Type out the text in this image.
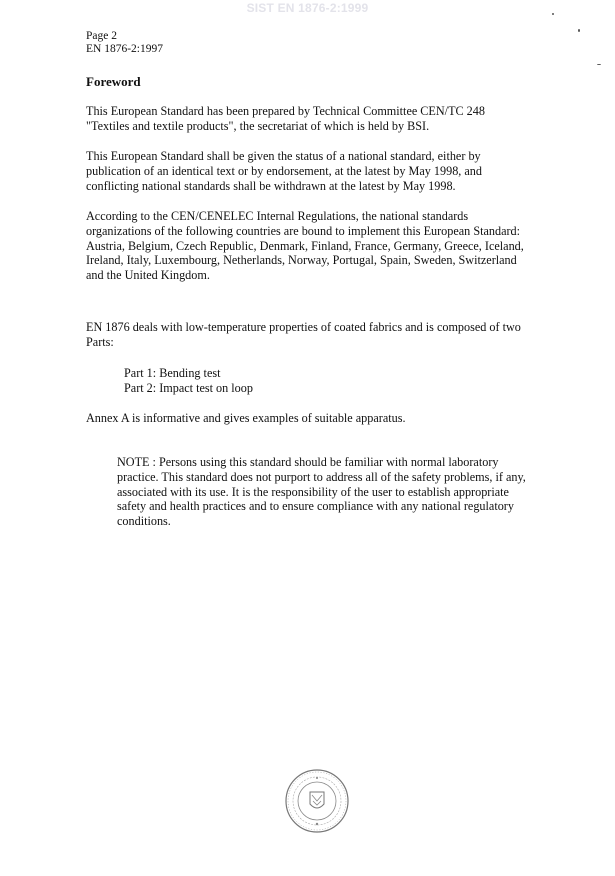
SIST EN 1876-2:1999
Page 2
EN 1876-2:1997
Foreword

This European Standard has been prepared by Technical Committee CEN/TC 248 "Textiles and textile products", the secretariat of which is held by BSI.

This European Standard shall be given the status of a national standard, either by publication of an identical text or by endorsement, at the latest by May 1998, and conflicting national standards shall be withdrawn at the latest by May 1998.

According to the CEN/CENELEC Internal Regulations, the national standards organizations of the following countries are bound to implement this European Standard: Austria, Belgium, Czech Republic, Denmark, Finland, France, Germany, Greece, Iceland, Ireland, Italy, Luxembourg, Netherlands, Norway, Portugal, Spain, Sweden, Switzerland and the United Kingdom.

EN 1876 deals with low-temperature properties of coated fabrics and is composed of two Parts:

Part 1: Bending test
Part 2: Impact test on loop

Annex A is informative and gives examples of suitable apparatus.

NOTE : Persons using this standard should be familiar with normal laboratory practice. This standard does not purport to address all of the safety problems, if any, associated with its use. It is the responsibility of the user to establish appropriate safety and health practices and to ensure compliance with any national regulatory conditions.
